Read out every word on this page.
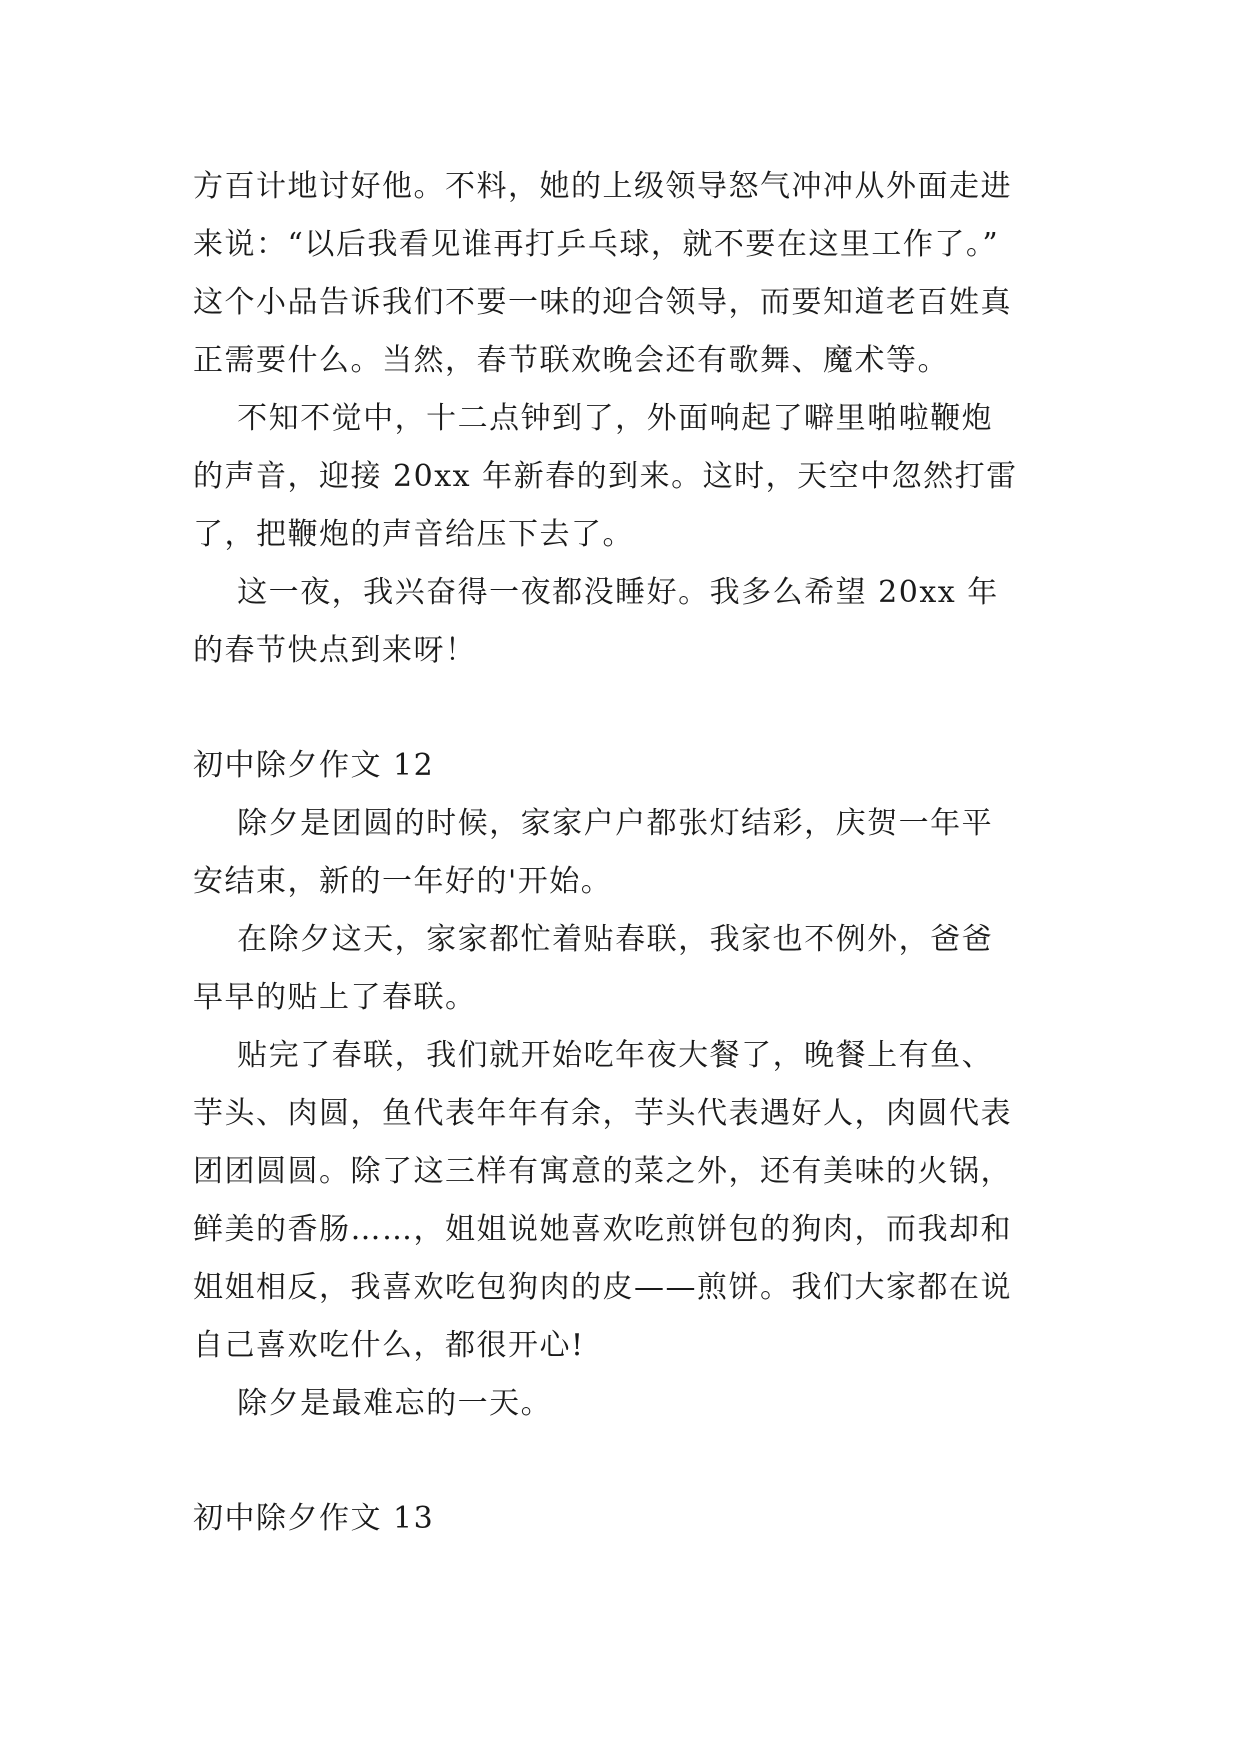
方百计地讨好他。不料，她的上级领导怒气冲冲从外面走进

来说：“以后我看见谁再打乒乓球，就不要在这里工作了。”

这个小品告诉我们不要一味的迎合领导，而要知道老百姓真

正需要什么。当然，春节联欢晚会还有歌舞、魔术等。

不知不觉中，十二点钟到了，外面响起了噼里啪啦鞭炮

的声音，迎接 20xx 年新春的到来。这时，天空中忽然打雷

了，把鞭炮的声音给压下去了。

这一夜，我兴奋得一夜都没睡好。我多么希望 20xx 年

的春节快点到来呀！

初中除夕作文 12

除夕是团圆的时候，家家户户都张灯结彩，庆贺一年平

安结束，新的一年好的'开始。

在除夕这天，家家都忙着贴春联，我家也不例外，爸爸

早早的贴上了春联。

贴完了春联，我们就开始吃年夜大餐了，晚餐上有鱼、

芋头、肉圆，鱼代表年年有余，芋头代表遇好人，肉圆代表

团团圆圆。除了这三样有寓意的菜之外，还有美味的火锅，

鲜美的香肠……，姐姐说她喜欢吃煎饼包的狗肉，而我却和

姐姐相反，我喜欢吃包狗肉的皮——煎饼。我们大家都在说

自己喜欢吃什么，都很开心!

除夕是最难忘的一天。

初中除夕作文 13
